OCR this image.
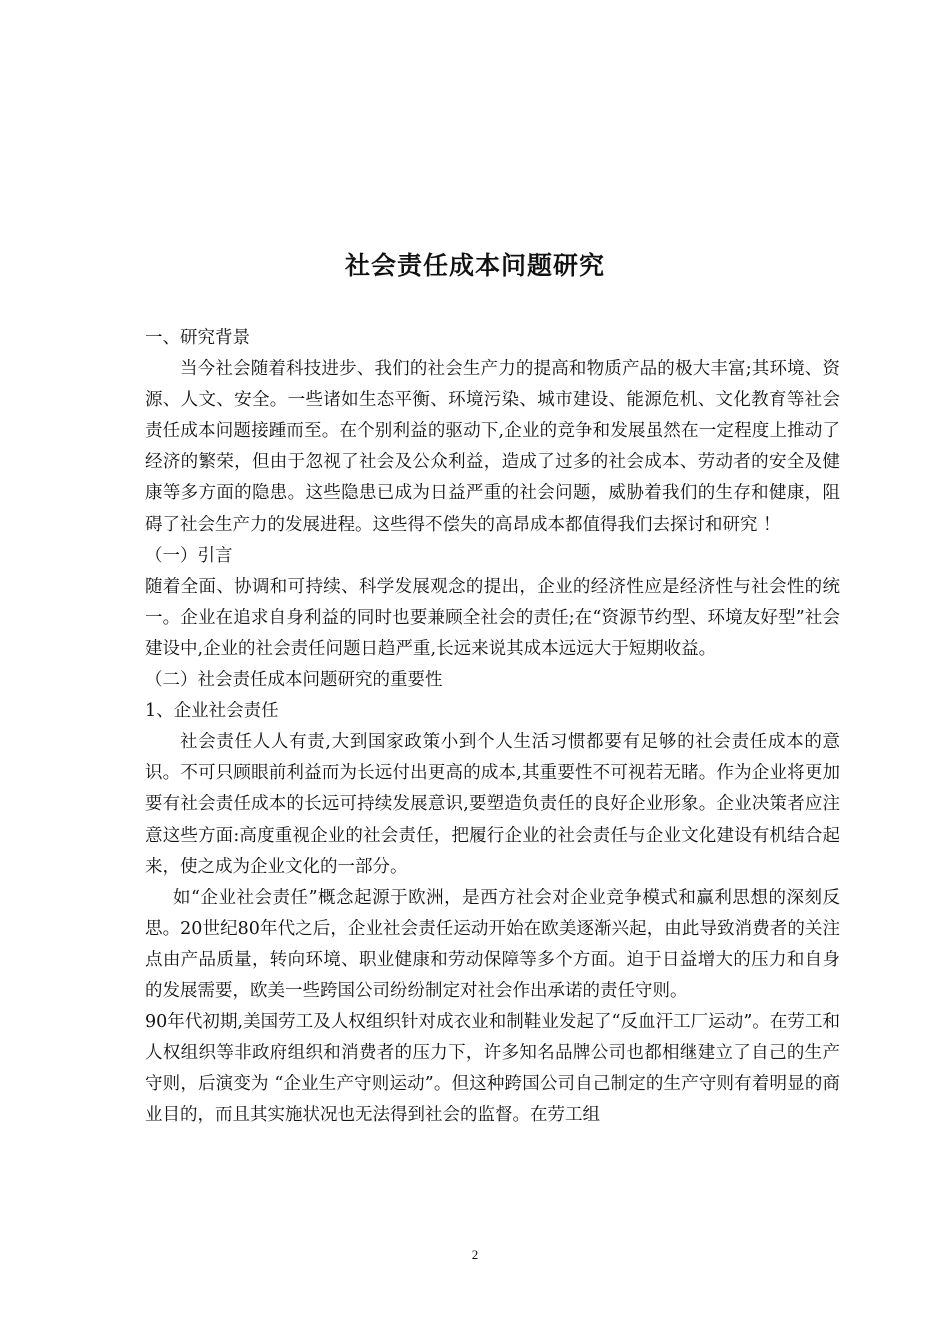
社会责任成本问题研究

一、研究背景

当今社会随着科技进步、我们的社会生产力的提高和物质产品的极大丰富;其环境、资源、人文、安全。一些诸如生态平衡、环境污染、城市建设、能源危机、文化教育等社会责任成本问题接踵而至。在个别利益的驱动下,企业的竞争和发展虽然在一定程度上推动了经济的繁荣，但由于忽视了社会及公众利益，造成了过多的社会成本、劳动者的安全及健康等多方面的隐患。这些隐患已成为日益严重的社会问题，威胁着我们的生存和健康，阻碍了社会生产力的发展进程。这些得不偿失的高昂成本都值得我们去探讨和研究 ！

（一）引言

随着全面、协调和可持续、科学发展观念的提出，企业的经济性应是经济性与社会性的统一。企业在追求自身利益的同时也要兼顾全社会的责任;在“资源节约型、环境友好型”社会建设中,企业的社会责任问题日趋严重,长远来说其成本远远大于短期收益。

（二）社会责任成本问题研究的重要性

1、企业社会责任

社会责任人人有责,大到国家政策小到个人生活习惯都要有足够的社会责任成本的意识。不可只顾眼前利益而为长远付出更高的成本,其重要性不可视若无睹。作为企业将更加要有社会责任成本的长远可持续发展意识,要塑造负责任的良好企业形象。企业决策者应注意这些方面:高度重视企业的社会责任，把履行企业的社会责任与企业文化建设有机结合起来，使之成为企业文化的一部分。

如“企业社会责任”概念起源于欧洲，是西方社会对企业竞争模式和赢利思想的深刻反思。20世纪80年代之后，企业社会责任运动开始在欧美逐渐兴起，由此导致消费者的关注点由产品质量，转向环境、职业健康和劳动保障等多个方面。迫于日益增大的压力和自身的发展需要，欧美一些跨国公司纷纷制定对社会作出承诺的责任守则。

90年代初期,美国劳工及人权组织针对成衣业和制鞋业发起了“反血汗工厂运动”。在劳工和人权组织等非政府组织和消费者的压力下，许多知名品牌公司也都相继建立了自己的生产守则，后演变为 “企业生产守则运动”。但这种跨国公司自己制定的生产守则有着明显的商业目的，而且其实施状况也无法得到社会的监督。在劳工组

2
